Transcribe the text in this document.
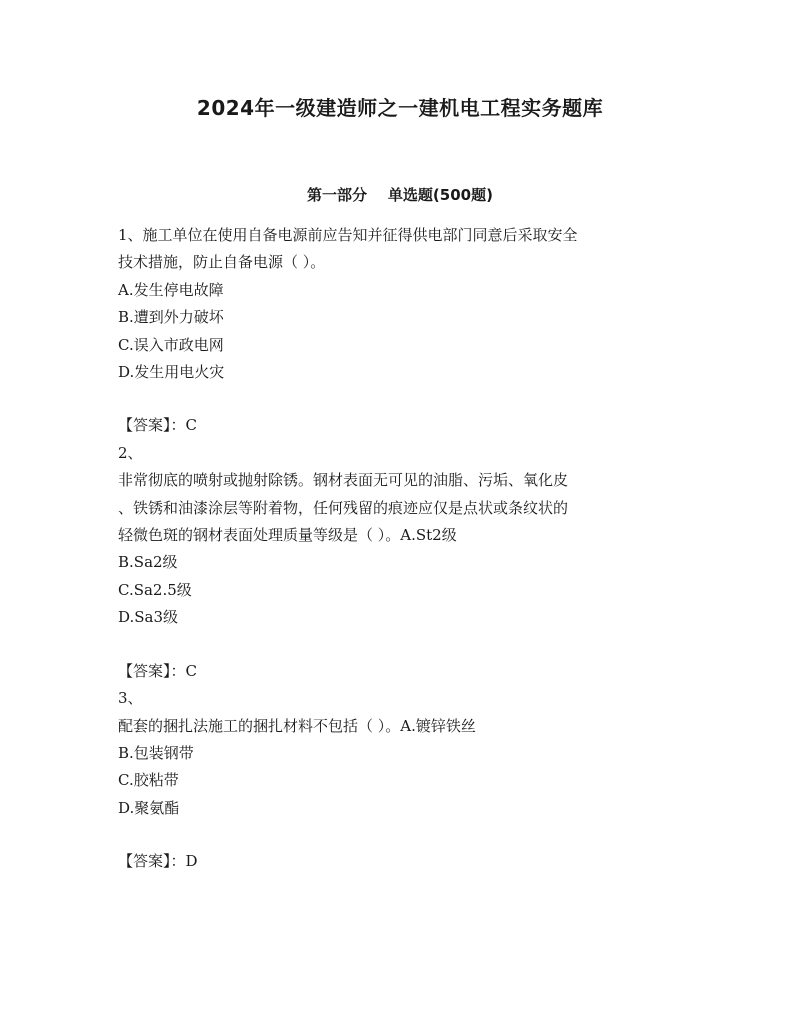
2024年一级建造师之一建机电工程实务题库
第一部分    单选题(500题)
1、施工单位在使用自备电源前应告知并征得供电部门同意后采取安全
技术措施，防止自备电源（ ）。
A.发生停电故障
B.遭到外力破坏
C.误入市政电网
D.发生用电火灾
【答案】：C
2、
非常彻底的喷射或抛射除锈。钢材表面无可见的油脂、污垢、氧化皮
、铁锈和油漆涂层等附着物，任何残留的痕迹应仅是点状或条纹状的
轻微色斑的钢材表面处理质量等级是（ ）。A.St2级
B.Sa2级
C.Sa2.5级
D.Sa3级
【答案】：C
3、
配套的捆扎法施工的捆扎材料不包括（ ）。A.镀锌铁丝
B.包装钢带
C.胶粘带
D.聚氨酯
【答案】：D
